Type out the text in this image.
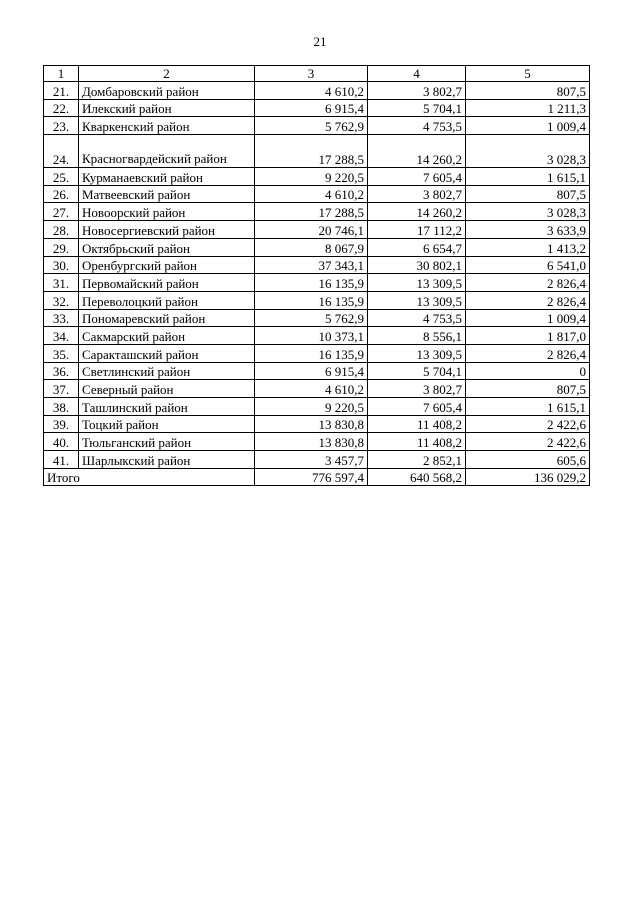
21
1	2	3	4	5
21.	Домбаровский район	4 610,2	3 802,7	807,5
22.	Илекский район	6 915,4	5 704,1	1 211,3
23.	Кваркенский район	5 762,9	4 753,5	1 009,4
24.	Красногвардейский район	17 288,5	14 260,2	3 028,3
25.	Курманаевский район	9 220,5	7 605,4	1 615,1
26.	Матвеевский район	4 610,2	3 802,7	807,5
27.	Новоорский район	17 288,5	14 260,2	3 028,3
28.	Новосергиевский район	20 746,1	17 112,2	3 633,9
29.	Октябрьский район	8 067,9	6 654,7	1 413,2
30.	Оренбургский район	37 343,1	30 802,1	6 541,0
31.	Первомайский район	16 135,9	13 309,5	2 826,4
32.	Переволоцкий район	16 135,9	13 309,5	2 826,4
33.	Пономаревский район	5 762,9	4 753,5	1 009,4
34.	Сакмарский район	10 373,1	8 556,1	1 817,0
35.	Саракташский район	16 135,9	13 309,5	2 826,4
36.	Светлинский район	6 915,4	5 704,1	0
37.	Северный район	4 610,2	3 802,7	807,5
38.	Ташлинский район	9 220,5	7 605,4	1 615,1
39.	Тоцкий район	13 830,8	11 408,2	2 422,6
40.	Тюльганский район	13 830,8	11 408,2	2 422,6
41.	Шарлыкский район	3 457,7	2 852,1	605,6
Итого		776 597,4	640 568,2	136 029,2
